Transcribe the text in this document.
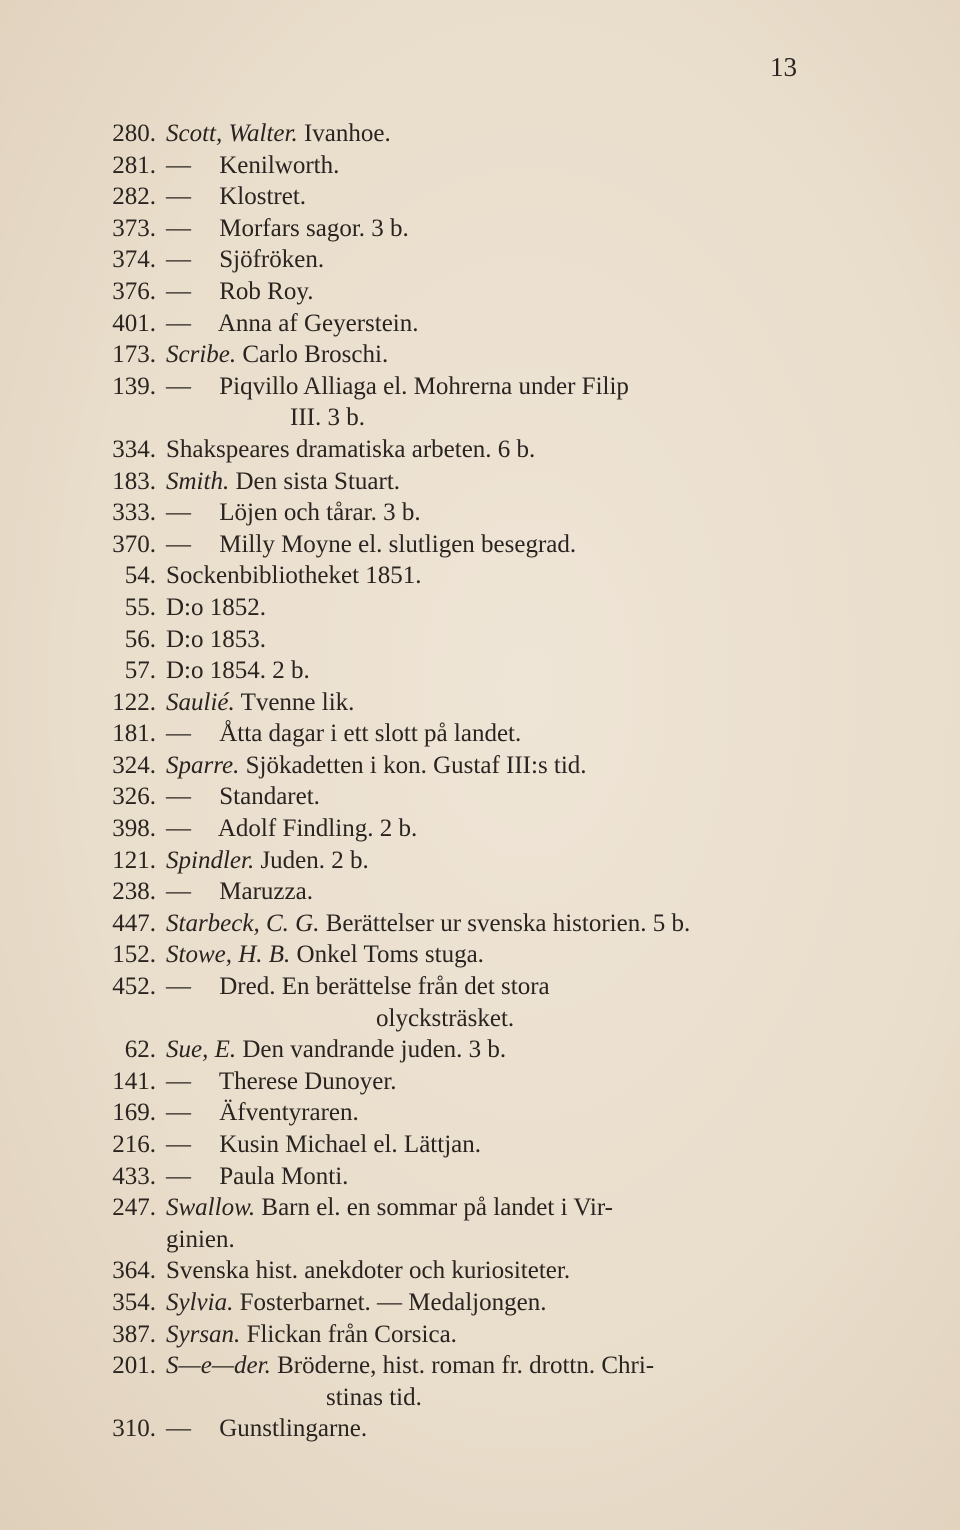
13
280. Scott, Walter. Ivanhoe.
281. —  Kenilworth.
282. —  Klostret.
373. —  Morfars sagor. 3 b.
374. —  Sjöfröken.
376. —  Rob Roy.
401. —  Anna af Geyerstein.
173. Scribe. Carlo Broschi.
139. —  Piqvillo Alliaga el. Mohrerna under Filip
III. 3 b.
334. Shakspeares dramatiska arbeten. 6 b.
183. Smith. Den sista Stuart.
333. —  Löjen och tårar. 3 b.
370. —  Milly Moyne el. slutligen besegrad.
54. Sockenbibliotheket 1851.
55. D:o 1852.
56. D:o 1853.
57. D:o 1854. 2 b.
122. Saulié. Tvenne lik.
181. —  Åtta dagar i ett slott på landet.
324. Sparre. Sjökadetten i kon. Gustaf III:s tid.
326. —  Standaret.
398. —  Adolf Findling. 2 b.
121. Spindler. Juden. 2 b.
238. —  Maruzza.
447. Starbeck, C. G. Berättelser ur svenska historien. 5 b.
152. Stowe, H. B. Onkel Toms stuga.
452. —  Dred. En berättelse från det stora
olycksträsket.
62. Sue, E. Den vandrande juden. 3 b.
141. —  Therese Dunoyer.
169. —  Äfventyraren.
216. —  Kusin Michael el. Lättjan.
433. —  Paula Monti.
247. Swallow. Barn el. en sommar på landet i Vir-
ginien.
364. Svenska hist. anekdoter och kuriositeter.
354. Sylvia. Fosterbarnet. — Medaljongen.
387. Syrsan. Flickan från Corsica.
201. S—e—der. Bröderne, hist. roman fr. drottn. Chri-
stinas tid.
310. —  Gunstlingarne.
